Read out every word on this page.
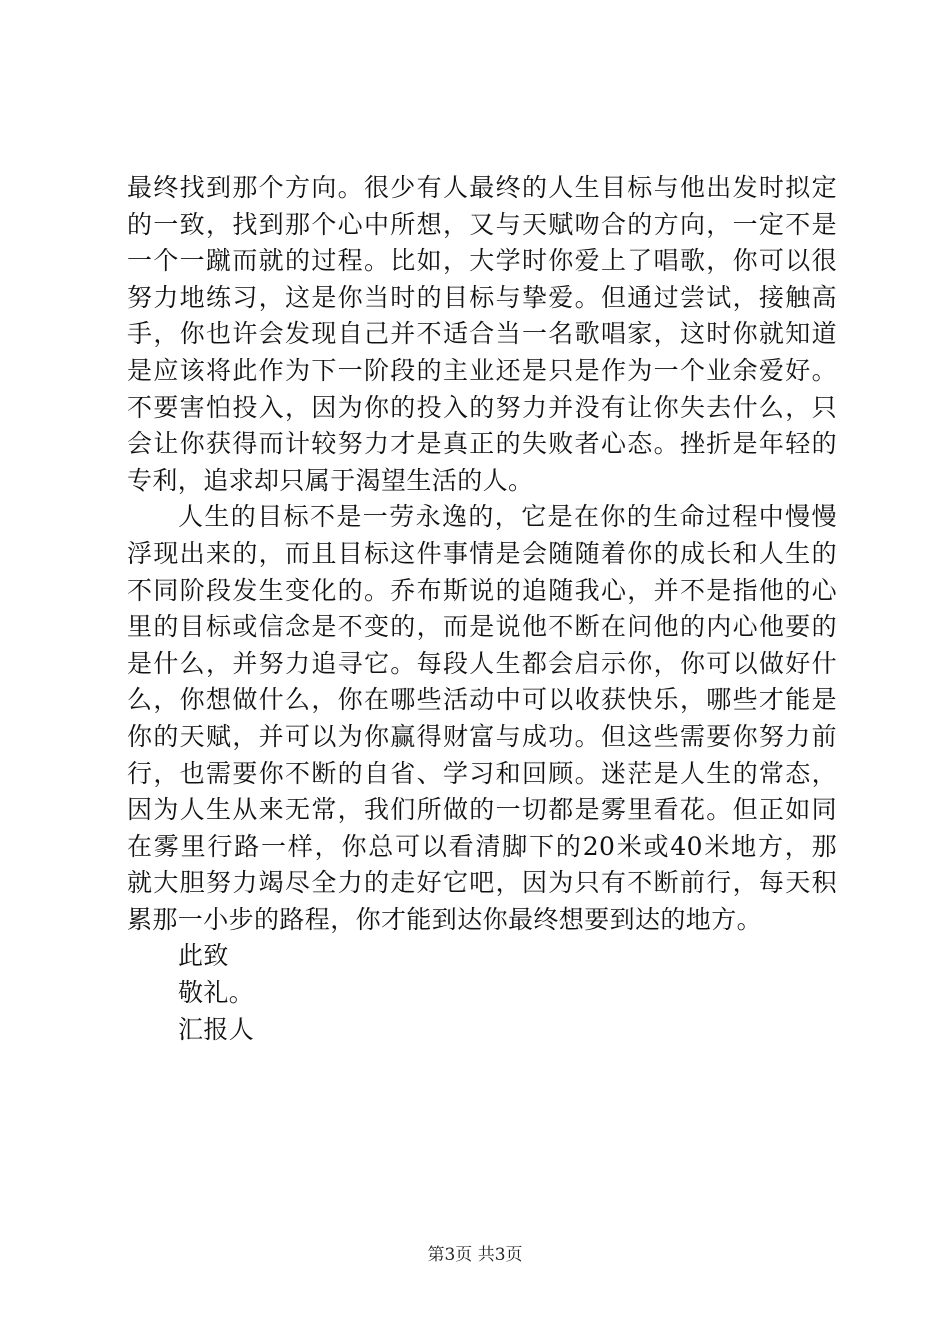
最终找到那个方向。很少有人最终的人生目标与他出发时拟定
的一致，找到那个心中所想，又与天赋吻合的方向，一定不是
一个一蹴而就的过程。比如，大学时你爱上了唱歌，你可以很
努力地练习，这是你当时的目标与挚爱。但通过尝试，接触高
手，你也许会发现自己并不适合当一名歌唱家，这时你就知道
是应该将此作为下一阶段的主业还是只是作为一个业余爱好。
不要害怕投入，因为你的投入的努力并没有让你失去什么，只
会让你获得而计较努力才是真正的失败者心态。挫折是年轻的
专利，追求却只属于渴望生活的人。
人生的目标不是一劳永逸的，它是在你的生命过程中慢慢
浮现出来的，而且目标这件事情是会随随着你的成长和人生的
不同阶段发生变化的。乔布斯说的追随我心，并不是指他的心
里的目标或信念是不变的，而是说他不断在问他的内心他要的
是什么，并努力追寻它。每段人生都会启示你，你可以做好什
么，你想做什么，你在哪些活动中可以收获快乐，哪些才能是
你的天赋，并可以为你赢得财富与成功。但这些需要你努力前
行，也需要你不断的自省、学习和回顾。迷茫是人生的常态，
因为人生从来无常，我们所做的一切都是雾里看花。但正如同
在雾里行路一样，你总可以看清脚下的20米或40米地方，那
就大胆努力竭尽全力的走好它吧，因为只有不断前行，每天积
累那一小步的路程，你才能到达你最终想要到达的地方。
此致
敬礼。
汇报人
第3页 共3页
